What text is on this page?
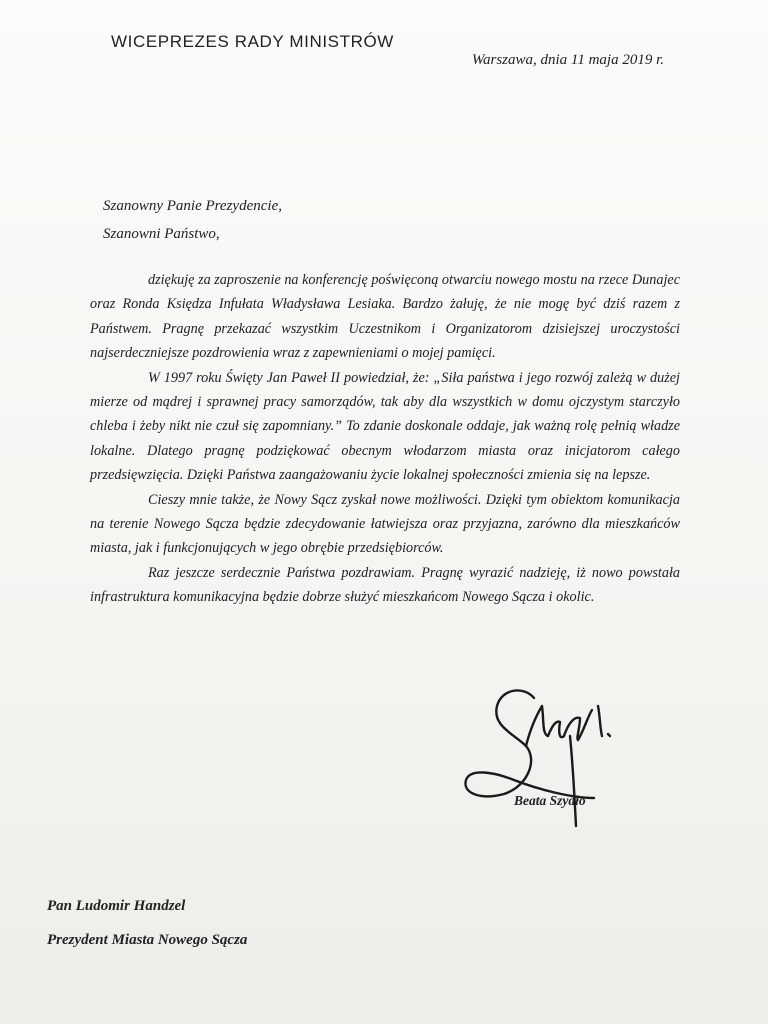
WICEPREZES RADY MINISTRÓW
Warszawa, dnia 11 maja 2019 r.
Szanowny Panie Prezydencie,
Szanowni Państwo,

dziękuję za zaproszenie na konferencję poświęconą otwarciu nowego mostu na rzece Dunajec oraz Ronda Księdza Infułata Władysława Lesiaka. Bardzo żałuję, że nie mogę być dziś razem z Państwem. Pragnę przekazać wszystkim Uczestnikom i Organizatorom dzisiejszej uroczystości najserdeczniejsze pozdrowienia wraz z zapewnieniami o mojej pamięci.

W 1997 roku Święty Jan Paweł II powiedział, że: „Siła państwa i jego rozwój zależą w dużej mierze od mądrej i sprawnej pracy samorządów, tak aby dla wszystkich w domu ojczystym starczyło chleba i żeby nikt nie czuł się zapomniany.” To zdanie doskonale oddaje, jak ważną rolę pełnią władze lokalne. Dlatego pragnę podziękować obecnym włodarzom miasta oraz inicjatorom całego przedsięwzięcia. Dzięki Państwa zaangażowaniu życie lokalnej społeczności zmienia się na lepsze.

Cieszy mnie także, że Nowy Sącz zyskał nowe możliwości. Dzięki tym obiektom komunikacja na terenie Nowego Sącza będzie zdecydowanie łatwiejsza oraz przyjazna, zarówno dla mieszkańców miasta, jak i funkcjonujących w jego obrębie przedsiębiorców.

Raz jeszcze serdecznie Państwa pozdrawiam. Pragnę wyrazić nadzieję, iż nowo powstała infrastruktura komunikacyjna będzie dobrze służyć mieszkańcom Nowego Sącza i okolic.

Beata Szydło
Pan Ludomir Handzel
Prezydent Miasta Nowego Sącza
